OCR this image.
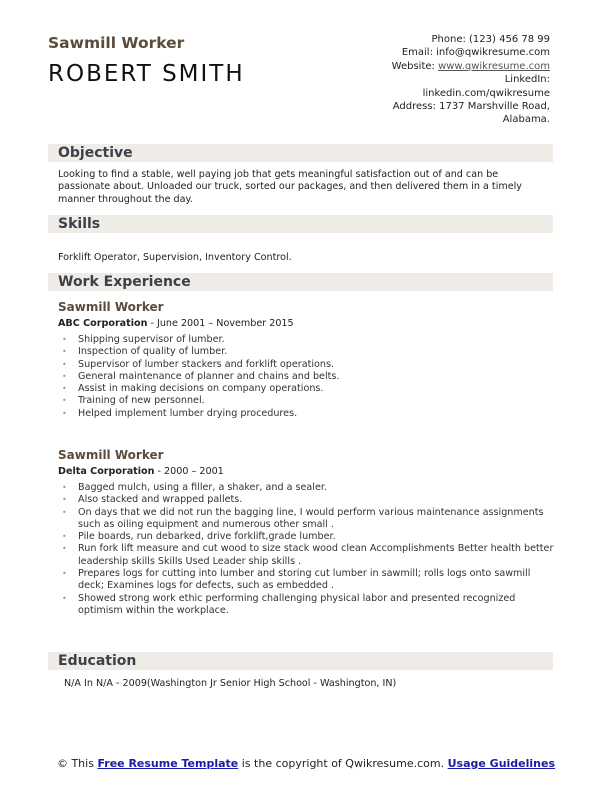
Sawmill Worker
ROBERT SMITH
Phone: (123) 456 78 99
Email: info@qwikresume.com
Website: www.qwikresume.com
LinkedIn:
linkedin.com/qwikresume
Address: 1737 Marshville Road, Alabama.
Objective
Looking to find a stable, well paying job that gets meaningful satisfaction out of and can be passionate about. Unloaded our truck, sorted our packages, and then delivered them in a timely manner throughout the day.
Skills
Forklift Operator, Supervision, Inventory Control.
Work Experience
Sawmill Worker
ABC Corporation - June 2001 – November 2015
• Shipping supervisor of lumber.
• Inspection of quality of lumber.
• Supervisor of lumber stackers and forklift operations.
• General maintenance of planner and chains and belts.
• Assist in making decisions on company operations.
• Training of new personnel.
• Helped implement lumber drying procedures.
Sawmill Worker
Delta Corporation - 2000 – 2001
• Bagged mulch, using a filler, a shaker, and a sealer.
• Also stacked and wrapped pallets.
• On days that we did not run the bagging line, I would perform various maintenance assignments such as oiling equipment and numerous other small .
• Pile boards, run debarked, drive forklift,grade lumber.
• Run fork lift measure and cut wood to size stack wood clean Accomplishments Better health better leadership skills Skills Used Leader ship skills .
• Prepares logs for cutting into lumber and storing cut lumber in sawmill; rolls logs onto sawmill deck; Examines logs for defects, such as embedded .
• Showed strong work ethic performing challenging physical labor and presented recognized optimism within the workplace.
Education
N/A In N/A - 2009(Washington Jr Senior High School - Washington, IN)
© This Free Resume Template is the copyright of Qwikresume.com. Usage Guidelines
